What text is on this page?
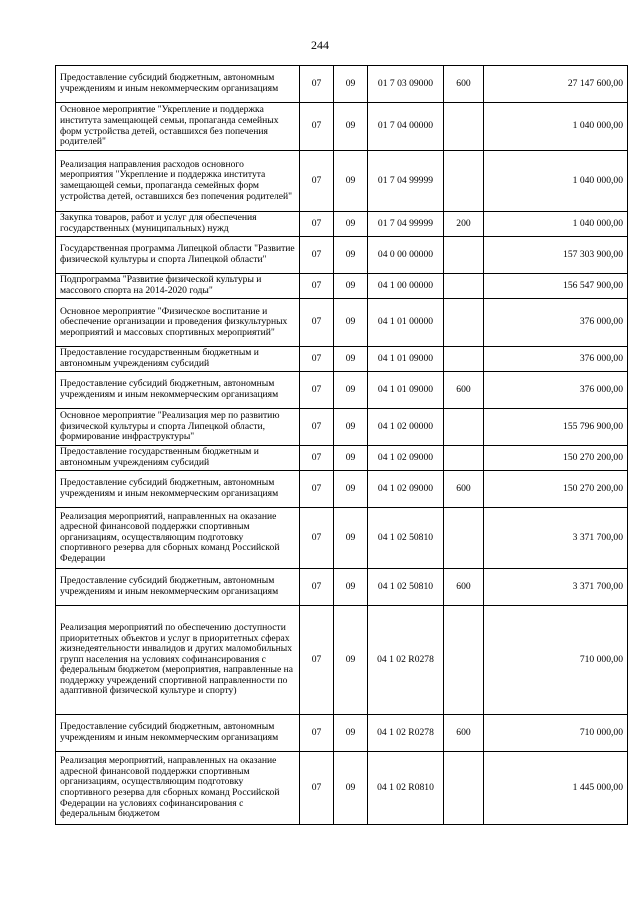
244
Предоставление субсидий бюджетным, автономным учреждениям и иным некоммерческим организациям	07	09	01 7 03 09000	600	27 147 600,00
Основное мероприятие "Укрепление и поддержка института замещающей семьи, пропаганда семейных форм устройства детей, оставшихся без попечения родителей"	07	09	01 7 04 00000		1 040 000,00
Реализация направления расходов основного мероприятия "Укрепление и поддержка института замещающей семьи, пропаганда семейных форм устройства детей, оставшихся без попечения родителей"	07	09	01 7 04 99999		1 040 000,00
Закупка товаров, работ и услуг для обеспечения государственных (муниципальных) нужд	07	09	01 7 04 99999	200	1 040 000,00
Государственная программа Липецкой области "Развитие физической культуры и спорта Липецкой области"	07	09	04 0 00 00000		157 303 900,00
Подпрограмма "Развитие физической культуры и массового спорта на 2014-2020 годы"	07	09	04 1 00 00000		156 547 900,00
Основное мероприятие "Физическое воспитание и обеспечение организации и проведения физкультурных мероприятий и массовых спортивных мероприятий"	07	09	04 1 01 00000		376 000,00
Предоставление государственным бюджетным и автономным учреждениям субсидий	07	09	04 1 01 09000		376 000,00
Предоставление субсидий бюджетным, автономным учреждениям и иным некоммерческим организациям	07	09	04 1 01 09000	600	376 000,00
Основное мероприятие "Реализация мер по развитию физической культуры и спорта Липецкой области, формирование инфраструктуры"	07	09	04 1 02 00000		155 796 900,00
Предоставление государственным бюджетным и автономным учреждениям субсидий	07	09	04 1 02 09000		150 270 200,00
Предоставление субсидий бюджетным, автономным учреждениям и иным некоммерческим организациям	07	09	04 1 02 09000	600	150 270 200,00
Реализация мероприятий, направленных на оказание адресной финансовой поддержки спортивным организациям, осуществляющим подготовку спортивного резерва для сборных команд Российской Федерации	07	09	04 1 02 50810		3 371 700,00
Предоставление субсидий бюджетным, автономным учреждениям и иным некоммерческим организациям	07	09	04 1 02 50810	600	3 371 700,00
Реализация мероприятий по обеспечению доступности приоритетных объектов и услуг в приоритетных сферах жизнедеятельности инвалидов и других маломобильных групп населения на условиях софинансирования с федеральным бюджетом (мероприятия, направленные на поддержку учреждений спортивной направленности по адаптивной физической культуре и спорту)	07	09	04 1 02 R0278		710 000,00
Предоставление субсидий бюджетным, автономным учреждениям и иным некоммерческим организациям	07	09	04 1 02 R0278	600	710 000,00
Реализация мероприятий, направленных на оказание адресной финансовой поддержки спортивным организациям, осуществляющим подготовку спортивного резерва для сборных команд Российской Федерации на условиях софинансирования с федеральным бюджетом	07	09	04 1 02 R0810		1 445 000,00
